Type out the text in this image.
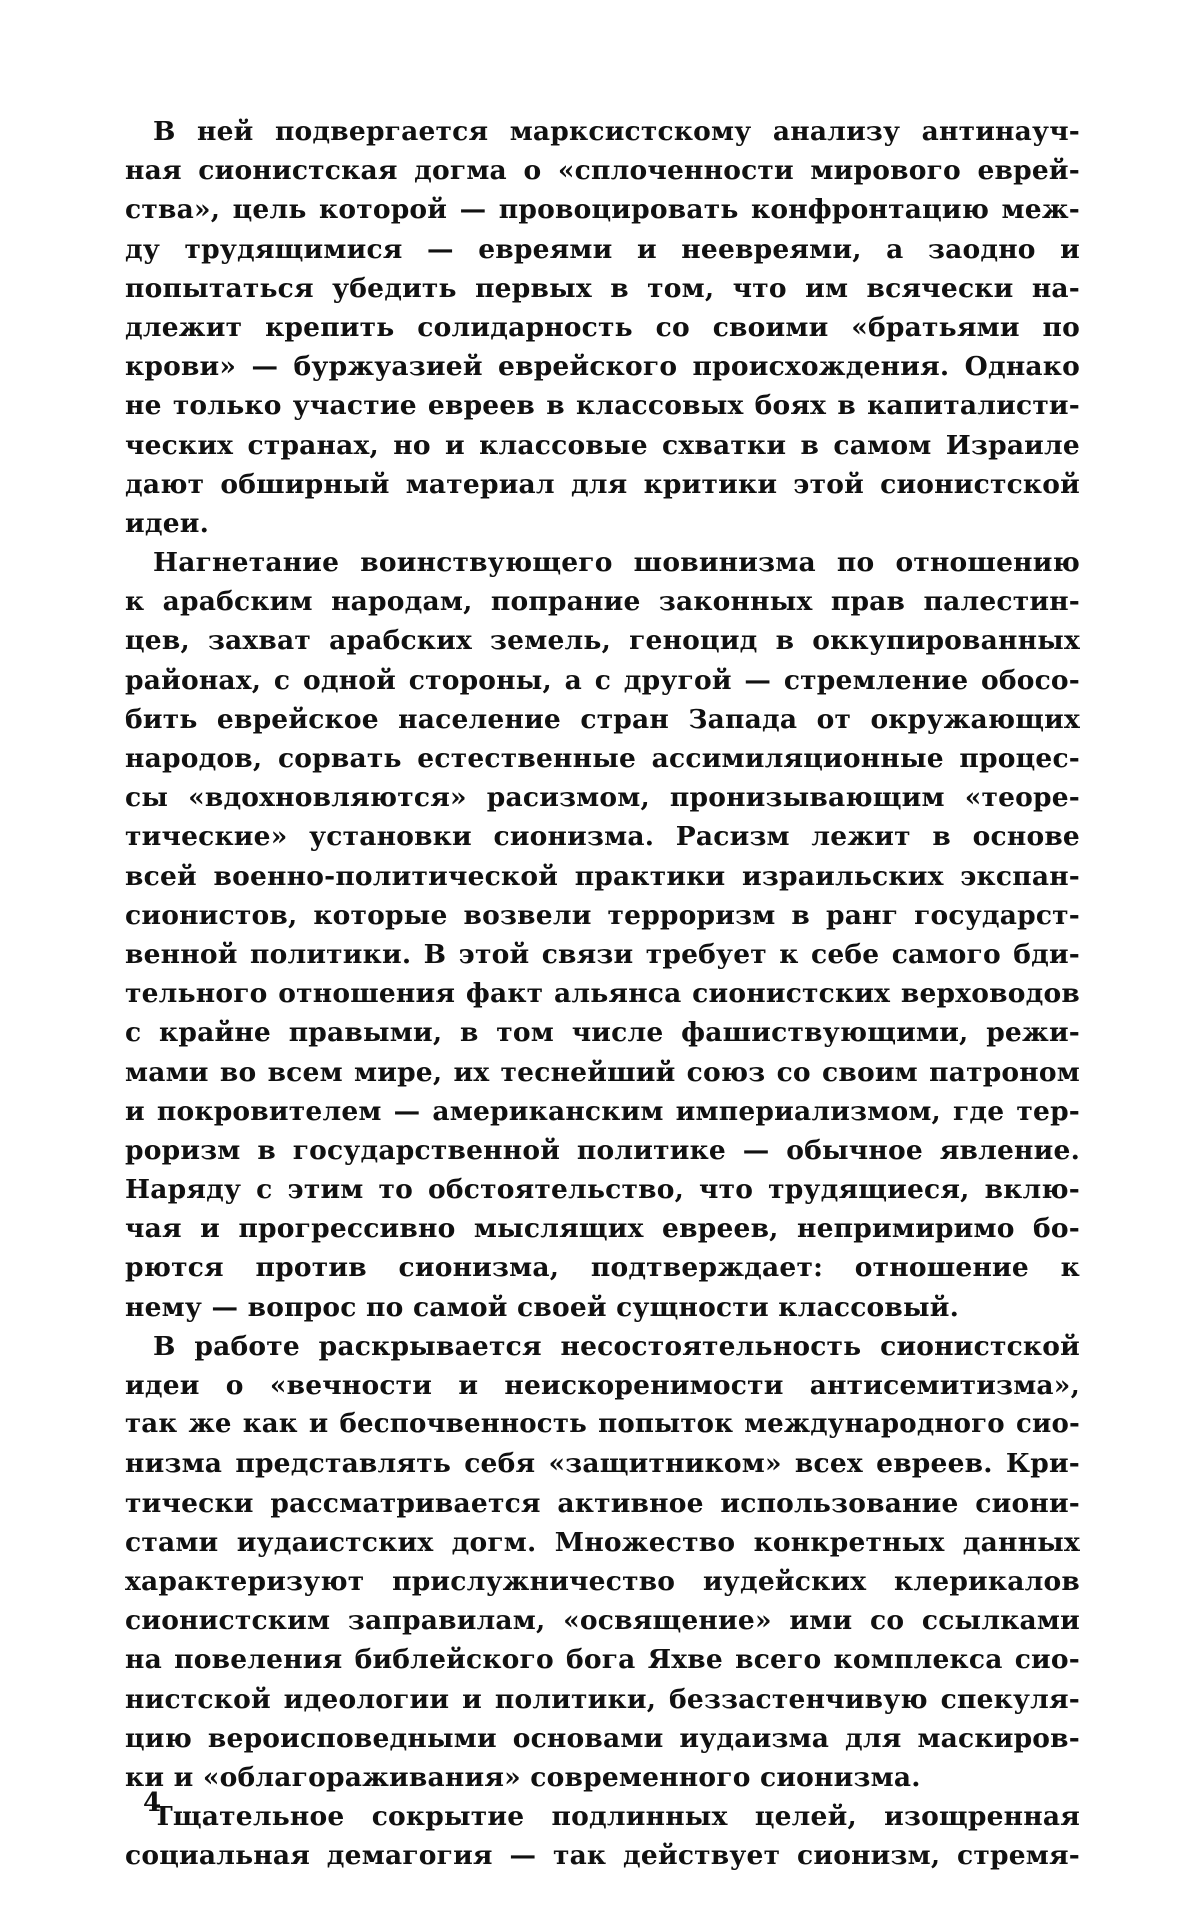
В ней подвергается марксистскому анализу антинауч-
ная сионистская догма о «сплоченности мирового еврей-
ства», цель которой — провоцировать конфронтацию меж-
ду трудящимися — евреями и неевреями, а заодно и
попытаться убедить первых в том, что им всячески на-
длежит крепить солидарность со своими «братьями по
крови» — буржуазией еврейского происхождения. Однако
не только участие евреев в классовых боях в капиталисти-
ческих странах, но и классовые схватки в самом Израиле
дают обширный материал для критики этой сионистской
идеи.
Нагнетание воинствующего шовинизма по отношению
к арабским народам, попрание законных прав палестин-
цев, захват арабских земель, геноцид в оккупированных
районах, с одной стороны, а с другой — стремление обосо-
бить еврейское население стран Запада от окружающих
народов, сорвать естественные ассимиляционные процес-
сы «вдохновляются» расизмом, пронизывающим «теоре-
тические» установки сионизма. Расизм лежит в основе
всей военно-политической практики израильских экспан-
сионистов, которые возвели терроризм в ранг государст-
венной политики. В этой связи требует к себе самого бди-
тельного отношения факт альянса сионистских верховодов
с крайне правыми, в том числе фашиствующими, режи-
мами во всем мире, их теснейший союз со своим патроном
и покровителем — американским империализмом, где тер-
роризм в государственной политике — обычное явление.
Наряду с этим то обстоятельство, что трудящиеся, вклю-
чая и прогрессивно мыслящих евреев, непримиримо бо-
рются против сионизма, подтверждает: отношение к
нему — вопрос по самой своей сущности классовый.
В работе раскрывается несостоятельность сионистской
идеи о «вечности и неискоренимости антисемитизма»,
так же как и беспочвенность попыток международного сио-
низма представлять себя «защитником» всех евреев. Кри-
тически рассматривается активное использование сиони-
стами иудаистских догм. Множество конкретных данных
характеризуют прислужничество иудейских клерикалов
сионистским заправилам, «освящение» ими со ссылками
на повеления библейского бога Яхве всего комплекса сио-
нистской идеологии и политики, беззастенчивую спекуля-
цию вероисповедными основами иудаизма для маскиров-
ки и «облагораживания» современного сионизма.
Тщательное сокрытие подлинных целей, изощренная
социальная демагогия — так действует сионизм, стремя-
4
